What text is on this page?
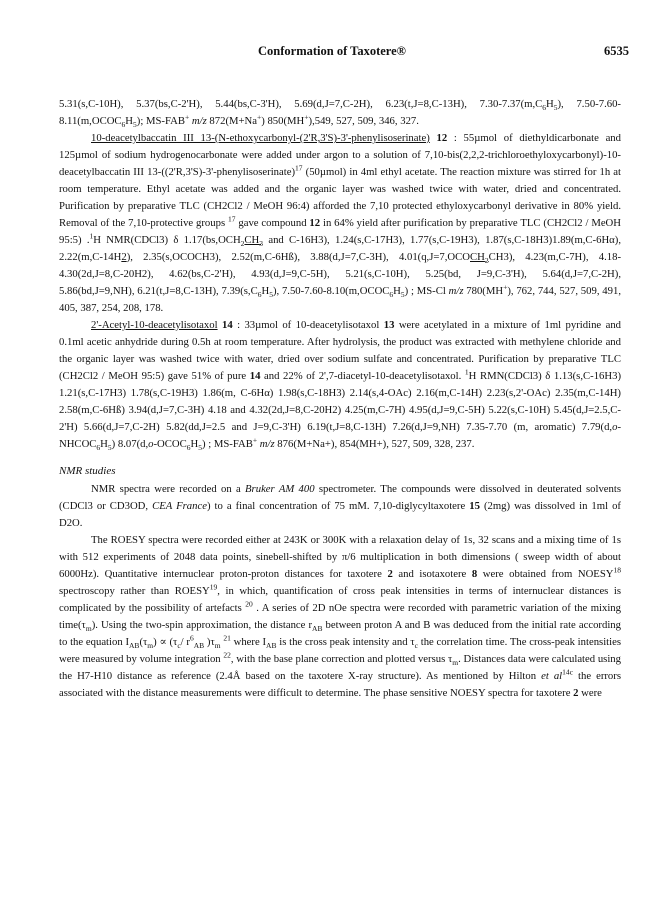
Conformation of Taxotere®	6535

5.31(s,C-10H), 5.37(bs,C-2'H), 5.44(bs,C-3'H), 5.69(d,J=7,C-2H), 6.23(t,J=8,C-13H), $7.30-7.37(m,C_6H_5)$, $7.50-7.60-8.11(m,OCOC_6H_5)$; MS-FAB+ m/z 872(M+Na+) 850(MH+),549, 527, 509, 346, 327.

10-deacetylbaccatin III 13-(N-ethoxycarbonyl-(2'R,3'S)-3'-phenylisoserinate) 12 : 55µmol of diethyldicarbonate and 125µmol of sodium hydrogenocarbonate were added under argon to a solution of 7,10-bis(2,2,2-trichloroethyloxycarbonyl)-10-deacetylbaccatin III 13-((2'R,3'S)-3'-phenylisoserinate)$^{17}$ (50µmol) in 4ml ethyl acetate. The reaction mixture was stirred for 1h at room temperature. Ethyl acetate was added and the organic layer was washed twice with water, dried and concentrated. Purification by preparative TLC (CH2Cl2 / MeOH 96:4) afforded the 7,10 protected ethyloxycarbonyl derivative in 80% yield. Removal of the 7,10-protective groups $^{17}$ gave compound 12 in 64% yield after purification by preparative TLC (CH2Cl2 / MeOH 95:5) .$^1$H NMR(CDCl3) δ $1.17(bs,OCH_2CH_3$ and C-16H3), 1.24(s,C-17H3), 1.77(s,C-19H3), 1.87(s,C-18H3)1.89(m,C-6Hα), 2.22(m,C-14H2), 2.35(s,OCOCH3), 2.52(m,C-6Hß), 3.88(d,J=7,C-3H), $4.01(q,J=7,OCOCH_2CH3)$, 4.23(m,C-7H), 4.18-4.30(2d,J=8,C-20H2), 4.62(bs,C-2'H), 4.93(d,J=9,C-5H), 5.21(s,C-10H), 5.25(bd, J=9,C-3'H), 5.64(d,J=7,C-2H), 5.86(bd,J=9,NH), 6.21(t,J=8,C-13H), $7.39(s,C_6H_5)$, $7.50-7.60-8.10(m,OCOC_6H_5)$ ; MS-Cl m/z 780(MH+), 762, 744, 527, 509, 491, 405, 387, 254, 208, 178.

2'-Acetyl-10-deacetylisotaxol 14 : 33µmol of 10-deacetylisotaxol 13 were acetylated in a mixture of 1ml pyridine and 0.1ml acetic anhydride during 0.5h at room temperature. After hydrolysis, the product was extracted with methylene chloride and the organic layer was washed twice with water, dried over sodium sulfate and concentrated. Purification by preparative TLC (CH2Cl2 / MeOH 95:5) gave 51% of pure 14 and 22% of 2',7-diacetyl-10-deacetylisotaxol. $^1$H RMN(CDCl3) δ 1.13(s,C-16H3) 1.21(s,C-17H3) 1.78(s,C-19H3) 1.86(m, C-6Hα) 1.98(s,C-18H3) 2.14(s,4-OAc) 2.16(m,C-14H) 2.23(s,2'-OAc) 2.35(m,C-14H) 2.58(m,C-6Hß) 3.94(d,J=7,C-3H) 4.18 and 4.32(2d,J=8,C-20H2) 4.25(m,C-7H) 4.95(d,J=9,C-5H) 5.22(s,C-10H) 5.45(d,J=2.5,C-2'H) 5.66(d,J=7,C-2H) 5.82(dd,J=2.5 and J=9,C-3'H) 6.19(t,J=8,C-13H) 7.26(d,J=9,NH) 7.35-7.70 (m, aromatic) $7.79(d,o-NHCOC_6H_5)$ $8.07(d,o-OCOC_6H_5)$ ; MS-FAB+ m/z 876(M+Na+), 854(MH+), 527, 509, 328, 237.

NMR studies

NMR spectra were recorded on a Bruker AM 400 spectrometer. The compounds were dissolved in deuterated solvents (CDCl3 or CD3OD, CEA France) to a final concentration of 75 mM. 7,10-diglycyltaxotere 15 (2mg) was dissolved in 1ml of D2O.

The ROESY spectra were recorded either at 243K or 300K with a relaxation delay of 1s, 32 scans and a mixing time of 1s with 512 experiments of 2048 data points, sinebell-shifted by π/6 multiplication in both dimensions ( sweep width of about 6000Hz). Quantitative internuclear proton-proton distances for taxotere 2 and isotaxotere 8 were obtained from NOESY$^{18}$ spectroscopy rather than ROESY$^{19}$, in which, quantification of cross peak intensities in terms of internuclear distances is complicated by the possibility of artefacts $^{20}$ . A series of 2D nOe spectra were recorded with parametric variation of the mixing $time(\tau_m)$. Using the two-spin approximation, the distance $r_{AB}$ between proton A and B was deduced from the initial rate according to the equation $I_{AB}(\tau_m) \propto (\tau_c/$ $r^6_{AB}$ )$\tau_m$ $^{21}$ where $I_{AB}$ is the cross peak intensity and $\tau_c$ the correlation time. The cross-peak intensities were measured by volume integration $^{22}$, with the base plane correction and plotted versus $\tau_m$. Distances data were calculated using the H7-H10 distance as reference (2.4Å based on the taxotere X-ray structure). As mentioned by Hilton et $al^{14c}$ the errors associated with the distance measurements were difficult to determine. The phase sensitive NOESY spectra for taxotere 2 were
